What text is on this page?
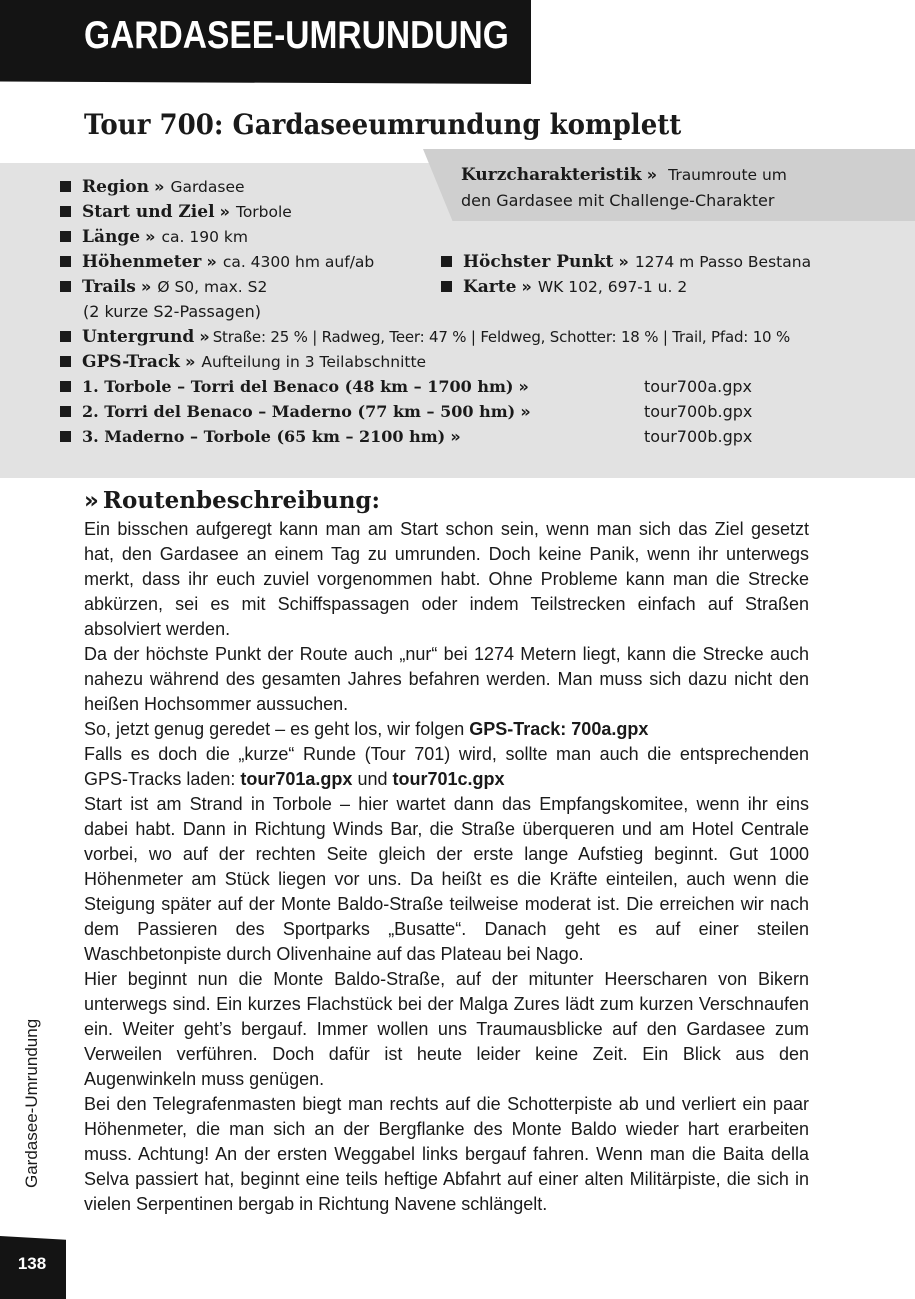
GARDASEE-UMRUNDUNG
Tour 700: Gardaseeumrundung komplett
Kurzcharakteristik » Traumroute um
den Gardasee mit Challenge-Charakter
Region » Gardasee
Start und Ziel » Torbole
Länge » ca. 190 km
Höhenmeter » ca. 4300 hm auf/ab	Höchster Punkt » 1274 m Passo Bestana
Trails » Ø S0, max. S2
(2 kurze S2-Passagen)
Karte » WK 102, 697-1 u. 2
Untergrund » Straße: 25 % | Radweg, Teer: 47 % | Feldweg, Schotter: 18 % | Trail, Pfad: 10 %
GPS-Track » Aufteilung in 3 Teilabschnitte
1. Torbole – Torri del Benaco (48 km – 1700 hm) »	tour700a.gpx
2. Torri del Benaco – Maderno (77 km – 500 hm) »	tour700b.gpx
3. Maderno – Torbole (65 km – 2100 hm) »	tour700b.gpx
» Routenbeschreibung:

Ein bisschen aufgeregt kann man am Start schon sein, wenn man sich das Ziel gesetzt hat, den Gardasee an einem Tag zu umrunden. Doch keine Panik, wenn ihr unterwegs merkt, dass ihr euch zuviel vorgenommen habt. Ohne Probleme kann man die Strecke abkürzen, sei es mit Schiffspassagen oder indem Teilstrecken einfach auf Straßen absolviert werden.

Da der höchste Punkt der Route auch „nur“ bei 1274 Metern liegt, kann die Strecke auch nahezu während des gesamten Jahres befahren werden. Man muss sich dazu nicht den heißen Hochsommer aussuchen.

So, jetzt genug geredet – es geht los, wir folgen GPS-Track: 700a.gpx

Falls es doch die „kurze“ Runde (Tour 701) wird, sollte man auch die entsprechenden GPS-Tracks laden: tour701a.gpx und tour701c.gpx

Start ist am Strand in Torbole – hier wartet dann das Empfangskomitee, wenn ihr eins dabei habt. Dann in Richtung Winds Bar, die Straße überqueren und am Hotel Centrale vorbei, wo auf der rechten Seite gleich der erste lange Aufstieg beginnt. Gut 1000 Höhenmeter am Stück liegen vor uns. Da heißt es die Kräfte einteilen, auch wenn die Steigung später auf der Monte Baldo-Straße teilweise moderat ist. Die erreichen wir nach dem Passieren des Sportparks „Busatte“. Danach geht es auf einer steilen Waschbetonpiste durch Olivenhaine auf das Plateau bei Nago.

Hier beginnt nun die Monte Baldo-Straße, auf der mitunter Heerscharen von Bikern unterwegs sind. Ein kurzes Flachstück bei der Malga Zures lädt zum kurzen Verschnaufen ein. Weiter geht’s bergauf. Immer wollen uns Traumausblicke auf den Gardasee zum Verweilen verführen. Doch dafür ist heute leider keine Zeit. Ein Blick aus den Augenwinkeln muss genügen.

Bei den Telegrafenmasten biegt man rechts auf die Schotterpiste ab und verliert ein paar Höhenmeter, die man sich an der Bergflanke des Monte Baldo wieder hart erarbeiten muss. Achtung! An der ersten Weggabel links bergauf fahren. Wenn man die Baita della Selva passiert hat, beginnt eine teils heftige Abfahrt auf einer alten Militärpiste, die sich in vielen Serpentinen bergab in Richtung Navene schlängelt.

Gardasee-Umrundung
138
